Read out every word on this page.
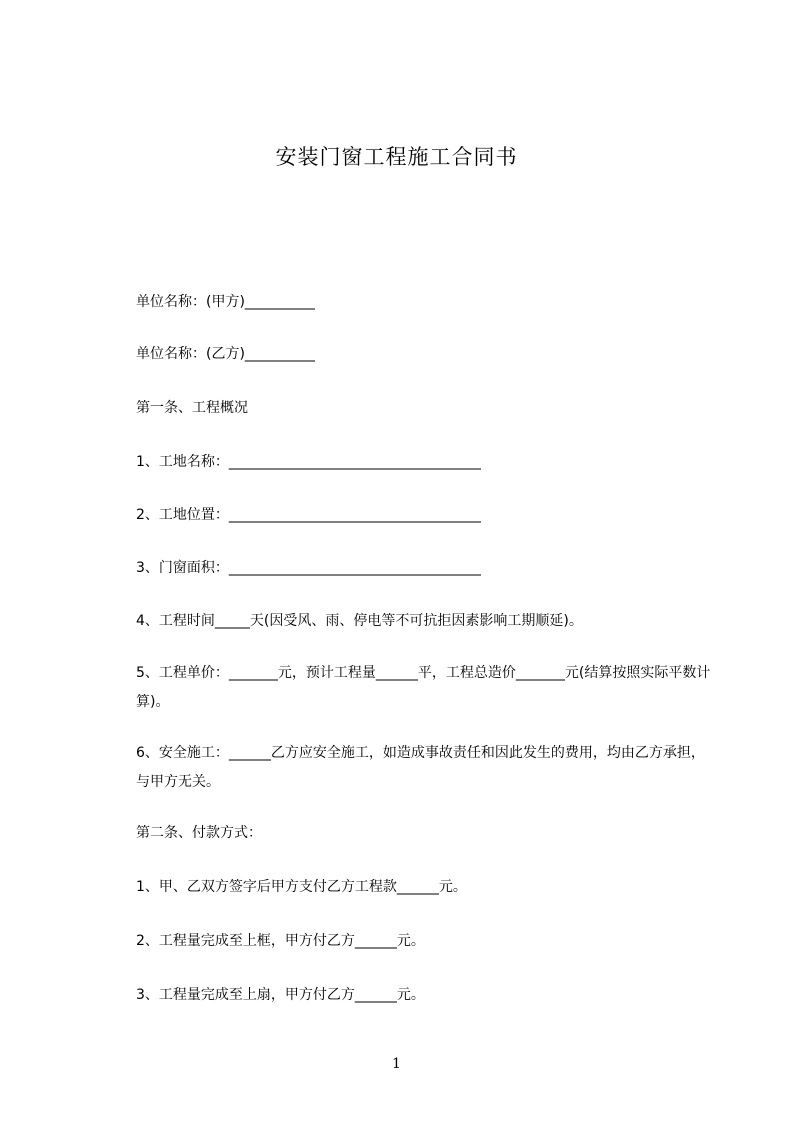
安装门窗工程施工合同书
单位名称：(甲方)__________
单位名称：(乙方)__________
第一条、工程概况
1、工地名称：____________________________________
2、工地位置：____________________________________
3、门窗面积：____________________________________
4、工程时间_____天(因受风、雨、停电等不可抗拒因素影响工期顺延)。
5、工程单价：_______元，预计工程量______平，工程总造价_______元(结算按照实际平数计算)。
6、安全施工：______乙方应安全施工，如造成事故责任和因此发生的费用，均由乙方承担，与甲方无关。
第二条、付款方式：
1、甲、乙双方签字后甲方支付乙方工程款______元。
2、工程量完成至上框，甲方付乙方______元。
3、工程量完成至上扇，甲方付乙方______元。
1
